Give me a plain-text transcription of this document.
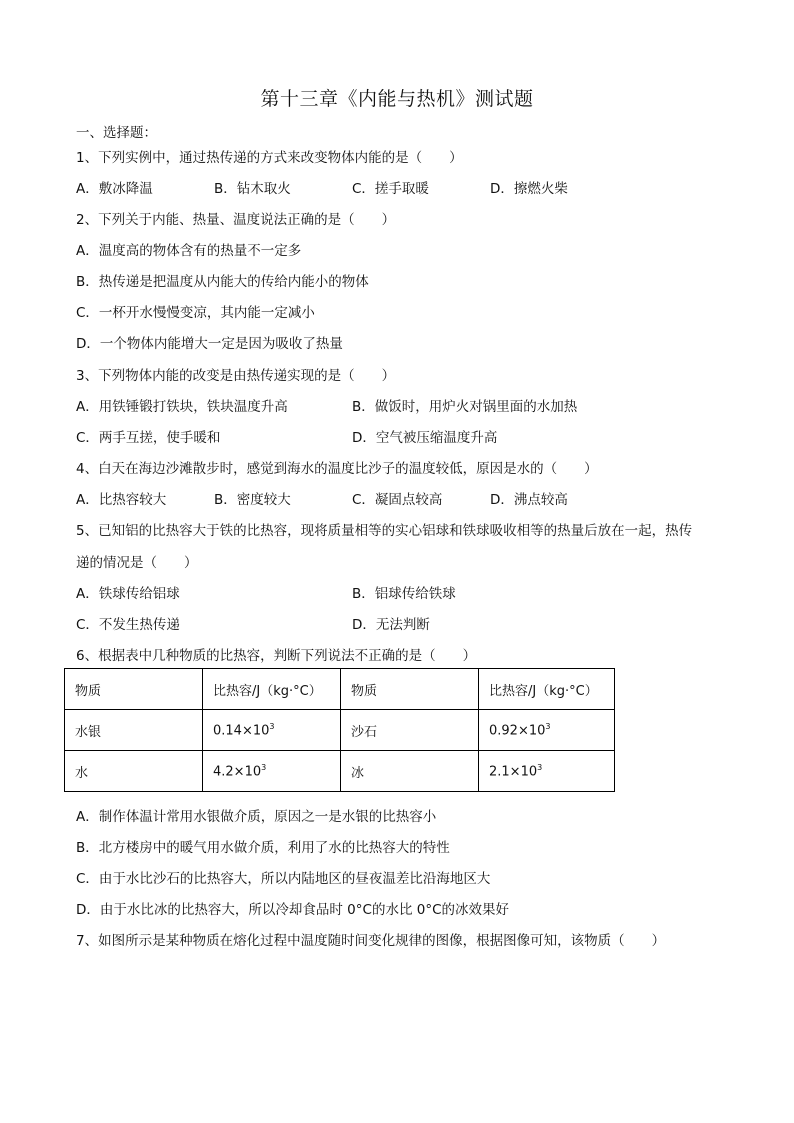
第十三章《内能与热机》测试题
一、选择题：
1、下列实例中，通过热传递的方式来改变物体内能的是（　　）
A．敷冰降温	B．钻木取火	C．搓手取暖	D．擦燃火柴
2、下列关于内能、热量、温度说法正确的是（　　）
A．温度高的物体含有的热量不一定多
B．热传递是把温度从内能大的传给内能小的物体
C．一杯开水慢慢变凉，其内能一定减小
D．一个物体内能增大一定是因为吸收了热量
3、下列物体内能的改变是由热传递实现的是（　　）
A．用铁锤锻打铁块，铁块温度升高	B．做饭时，用炉火对锅里面的水加热
C．两手互搓，使手暖和	D．空气被压缩温度升高
4、白天在海边沙滩散步时，感觉到海水的温度比沙子的温度较低，原因是水的（　　）
A．比热容较大	B．密度较大	C．凝固点较高	D．沸点较高
5、已知铝的比热容大于铁的比热容，现将质量相等的实心铝球和铁球吸收相等的热量后放在一起，热传
递的情况是（　　）
A．铁球传给铝球	B．铝球传给铁球
C．不发生热传递	D．无法判断
6、根据表中几种物质的比热容，判断下列说法不正确的是（　　）
物质	比热容/J（kg·°C）	物质	比热容/J（kg·°C）
水银	$0.14\times 10^3$	沙石	$0.92\times 10^3$
水	$4.2\times 10^3$	冰	$2.1\times 10^3$
A．制作体温计常用水银做介质，原因之一是水银的比热容小
B．北方楼房中的暖气用水做介质，利用了水的比热容大的特性
C．由于水比沙石的比热容大，所以内陆地区的昼夜温差比沿海地区大
D．由于水比冰的比热容大，所以冷却食品时 0°C的水比 0°C的冰效果好
7、如图所示是某种物质在熔化过程中温度随时间变化规律的图像，根据图像可知，该物质（　　）
